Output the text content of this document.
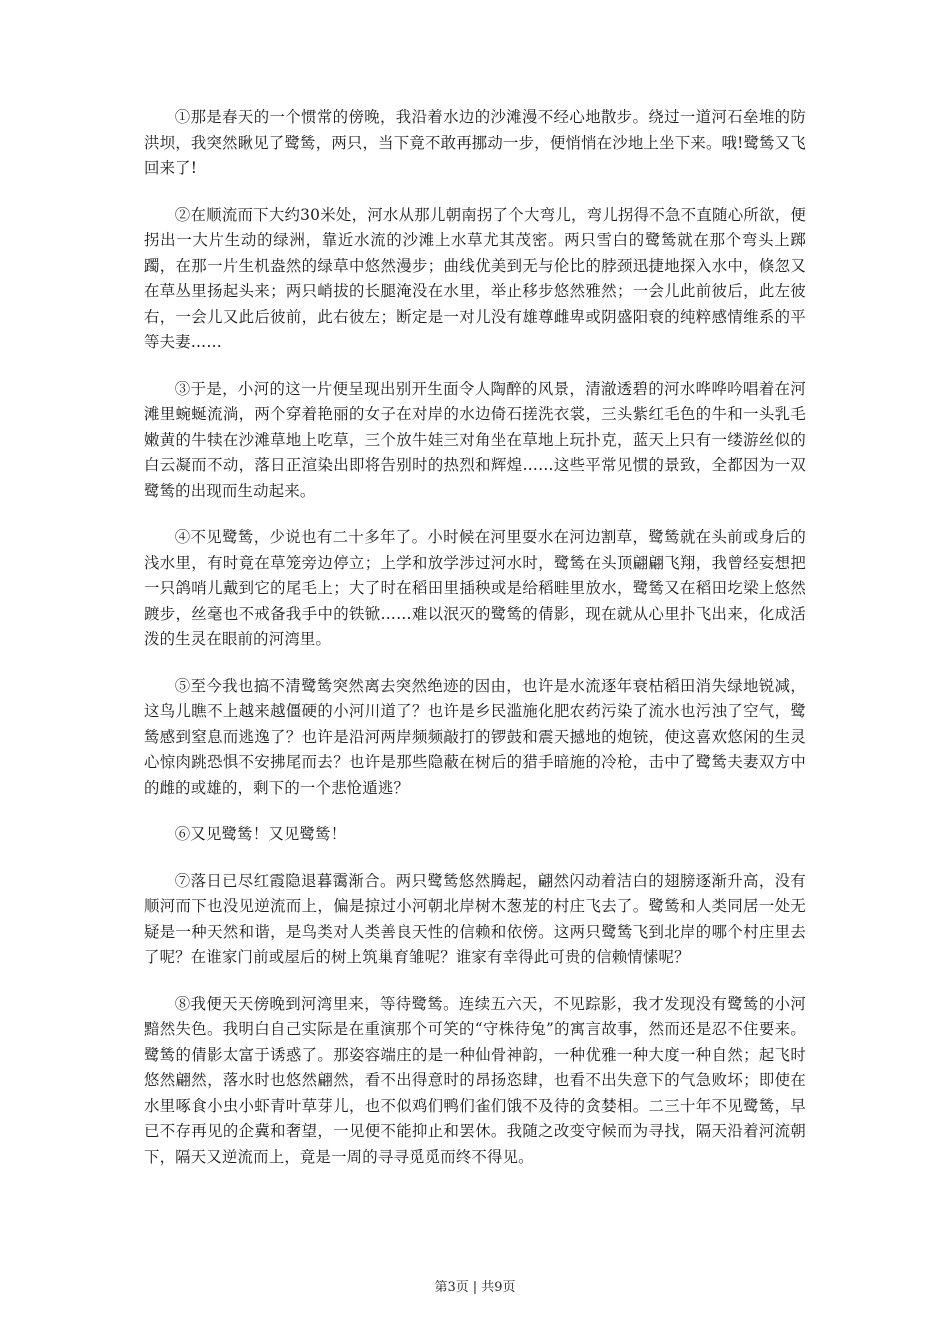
①那是春天的一个惯常的傍晚，我沿着水边的沙滩漫不经心地散步。绕过一道河石垒堆的防洪坝，我突然瞅见了鹭鸶，两只，当下竟不敢再挪动一步，便悄悄在沙地上坐下来。哦!鹭鸶又飞回来了!

②在顺流而下大约30米处，河水从那儿朝南拐了个大弯儿，弯儿拐得不急不直随心所欲，便拐出一大片生动的绿洲，靠近水流的沙滩上水草尤其茂密。两只雪白的鹭鸶就在那个弯头上踯躅，在那一片生机盎然的绿草中悠然漫步；曲线优美到无与伦比的脖颈迅捷地探入水中，倏忽又在草丛里扬起头来；两只峭拔的长腿淹没在水里，举止移步悠然雅然；一会儿此前彼后，此左彼右，一会儿又此后彼前，此右彼左；断定是一对儿没有雄尊雌卑或阴盛阳衰的纯粹感情维系的平等夫妻……

③于是，小河的这一片便呈现出别开生面令人陶醉的风景，清澈透碧的河水哗哗吟唱着在河滩里蜿蜒流淌，两个穿着艳丽的女子在对岸的水边倚石搓洗衣裳，三头紫红毛色的牛和一头乳毛嫩黄的牛犊在沙滩草地上吃草，三个放牛娃三对角坐在草地上玩扑克，蓝天上只有一缕游丝似的白云凝而不动，落日正渲染出即将告别时的热烈和辉煌……这些平常见惯的景致，全都因为一双鹭鸶的出现而生动起来。

④不见鹭鸶，少说也有二十多年了。小时候在河里耍水在河边割草，鹭鸶就在头前或身后的浅水里，有时竟在草笼旁边停立；上学和放学涉过河水时，鹭鸶在头顶翩翩飞翔，我曾经妄想把一只鸽哨儿戴到它的尾毛上；大了时在稻田里插秧或是给稻畦里放水，鹭鸶又在稻田圪梁上悠然踱步，丝毫也不戒备我手中的铁锨……难以泯灭的鹭鸶的倩影，现在就从心里扑飞出来，化成活泼的生灵在眼前的河湾里。

⑤至今我也搞不清鹭鸶突然离去突然绝迹的因由，也许是水流逐年衰枯稻田消失绿地锐减，这鸟儿瞧不上越来越僵硬的小河川道了？也许是乡民滥施化肥农药污染了流水也污浊了空气，鹭鸶感到窒息而逃逸了？也许是沿河两岸频频敲打的锣鼓和震天撼地的炮铳，使这喜欢悠闲的生灵心惊肉跳恐惧不安拂尾而去？也许是那些隐蔽在树后的猎手暗施的冷枪，击中了鹭鸶夫妻双方中的雌的或雄的，剩下的一个悲怆遁逃？

⑥又见鹭鸶！又见鹭鸶！

⑦落日已尽红霞隐退暮霭渐合。两只鹭鸶悠然腾起，翩然闪动着洁白的翅膀逐渐升高，没有顺河而下也没见逆流而上，偏是掠过小河朝北岸树木葱茏的村庄飞去了。鹭鸶和人类同居一处无疑是一种天然和谐，是鸟类对人类善良天性的信赖和依傍。这两只鹭鸶飞到北岸的哪个村庄里去了呢？在谁家门前或屋后的树上筑巢育雏呢？谁家有幸得此可贵的信赖情愫呢？

⑧我便天天傍晚到河湾里来，等待鹭鸶。连续五六天，不见踪影，我才发现没有鹭鸶的小河黯然失色。我明白自己实际是在重演那个可笑的“守株待兔”的寓言故事，然而还是忍不住要来。鹭鸶的倩影太富于诱惑了。那姿容端庄的是一种仙骨神韵，一种优雅一种大度一种自然；起飞时悠然翩然，落水时也悠然翩然，看不出得意时的昂扬恣肆，也看不出失意下的气急败坏；即使在水里啄食小虫小虾青叶草芽儿，也不似鸡们鸭们雀们饿不及待的贪婪相。二三十年不见鹭鸶，早已不存再见的企冀和奢望，一见便不能抑止和罢休。我随之改变守候而为寻找，隔天沿着河流朝下，隔天又逆流而上，竟是一周的寻寻觅觅而终不得见。

第3页 | 共9页
